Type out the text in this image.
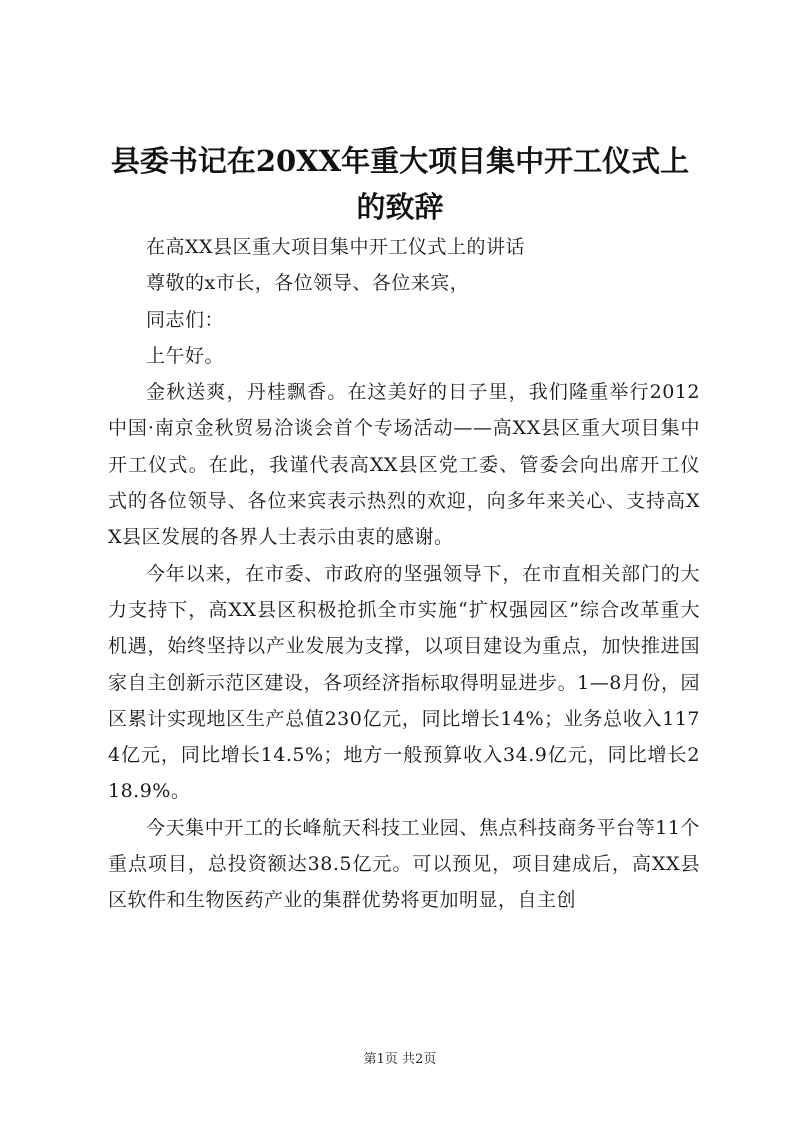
县委书记在20XX年重大项目集中开工仪式上的致辞

在高XX县区重大项目集中开工仪式上的讲话

尊敬的x市长，各位领导、各位来宾，

同志们：

上午好。

金秋送爽，丹桂飘香。在这美好的日子里，我们隆重举行2012中国·南京金秋贸易洽谈会首个专场活动——高XX县区重大项目集中开工仪式。在此，我谨代表高XX县区党工委、管委会向出席开工仪式的各位领导、各位来宾表示热烈的欢迎，向多年来关心、支持高XX县区发展的各界人士表示由衷的感谢。

今年以来，在市委、市政府的坚强领导下，在市直相关部门的大力支持下，高XX县区积极抢抓全市实施“扩权强园区”综合改革重大机遇，始终坚持以产业发展为支撑，以项目建设为重点，加快推进国家自主创新示范区建设，各项经济指标取得明显进步。1—8月份，园区累计实现地区生产总值230亿元，同比增长14%；业务总收入1174亿元，同比增长14.5%；地方一般预算收入34.9亿元，同比增长218.9%。

今天集中开工的长峰航天科技工业园、焦点科技商务平台等11个重点项目，总投资额达38.5亿元。可以预见，项目建成后，高XX县区软件和生物医药产业的集群优势将更加明显，自主创

第1页 共2页
